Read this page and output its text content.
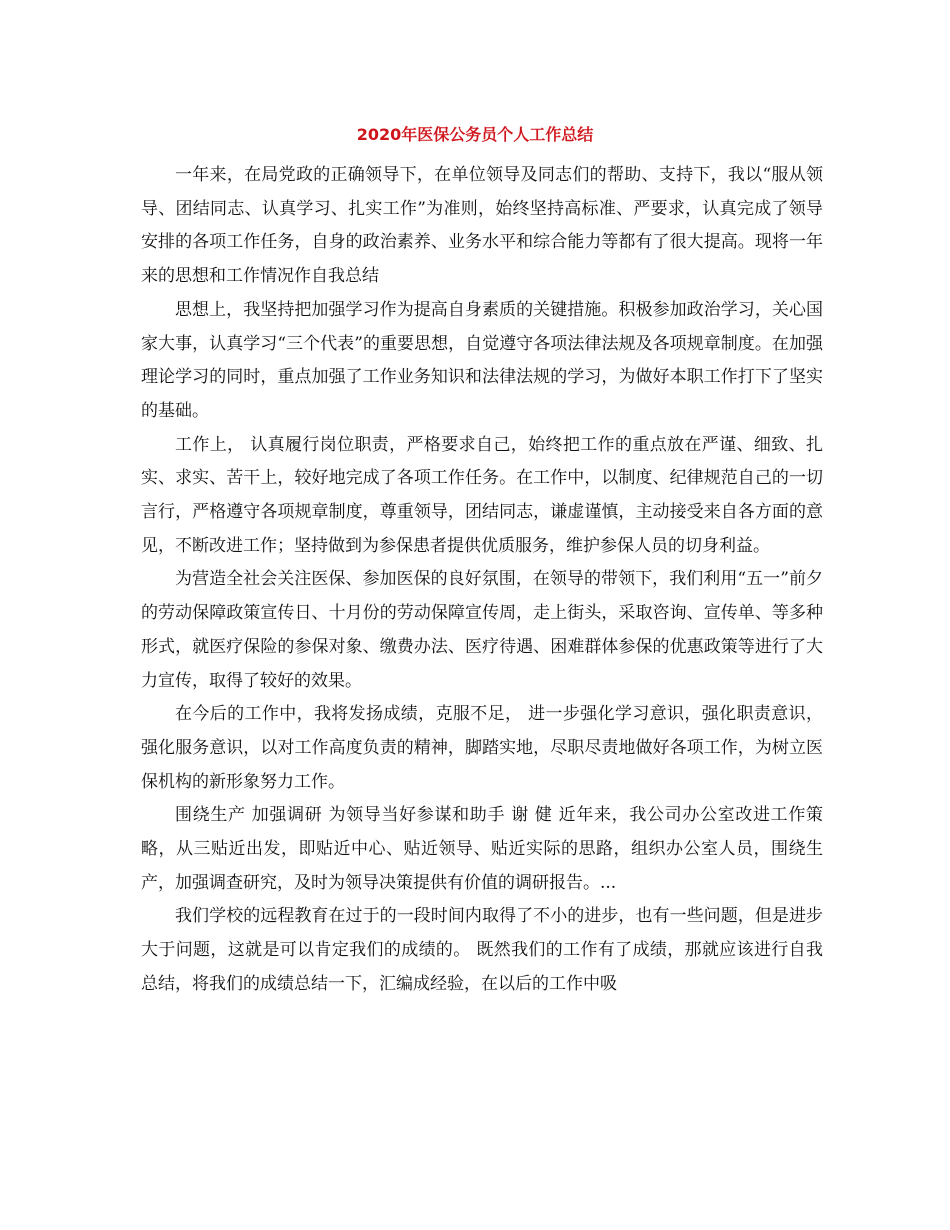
2020年医保公务员个人工作总结

一年来，在局党政的正确领导下，在单位领导及同志们的帮助、支持下，我以“服从领导、团结同志、认真学习、扎实工作”为准则，始终坚持高标准、严要求，认真完成了领导安排的各项工作任务，自身的政治素养、业务水平和综合能力等都有了很大提高。现将一年来的思想和工作情况作自我总结

思想上，我坚持把加强学习作为提高自身素质的关键措施。积极参加政治学习，关心国家大事，认真学习“三个代表”的重要思想，自觉遵守各项法律法规及各项规章制度。在加强理论学习的同时，重点加强了工作业务知识和法律法规的学习，为做好本职工作打下了坚实的基础。

工作上， 认真履行岗位职责，严格要求自己，始终把工作的重点放在严谨、细致、扎实、求实、苦干上，较好地完成了各项工作任务。在工作中，以制度、纪律规范自己的一切言行，严格遵守各项规章制度，尊重领导，团结同志，谦虚谨慎，主动接受来自各方面的意见，不断改进工作；坚持做到为参保患者提供优质服务，维护参保人员的切身利益。

为营造全社会关注医保、参加医保的良好氛围，在领导的带领下，我们利用“五一”前夕的劳动保障政策宣传日、十月份的劳动保障宣传周，走上街头，采取咨询、宣传单、等多种形式，就医疗保险的参保对象、缴费办法、医疗待遇、困难群体参保的优惠政策等进行了大力宣传，取得了较好的效果。

在今后的工作中，我将发扬成绩，克服不足， 进一步强化学习意识，强化职责意识，强化服务意识，以对工作高度负责的精神，脚踏实地，尽职尽责地做好各项工作，为树立医保机构的新形象努力工作。

围绕生产 加强调研 为领导当好参谋和助手 谢 健 近年来，我公司办公室改进工作策略，从三贴近出发，即贴近中心、贴近领导、贴近实际的思路，组织办公室人员，围绕生产，加强调查研究，及时为领导决策提供有价值的调研报告。...

我们学校的远程教育在过于的一段时间内取得了不小的进步，也有一些问题，但是进步大于问题，这就是可以肯定我们的成绩的。 既然我们的工作有了成绩，那就应该进行自我总结，将我们的成绩总结一下，汇编成经验，在以后的工作中吸
